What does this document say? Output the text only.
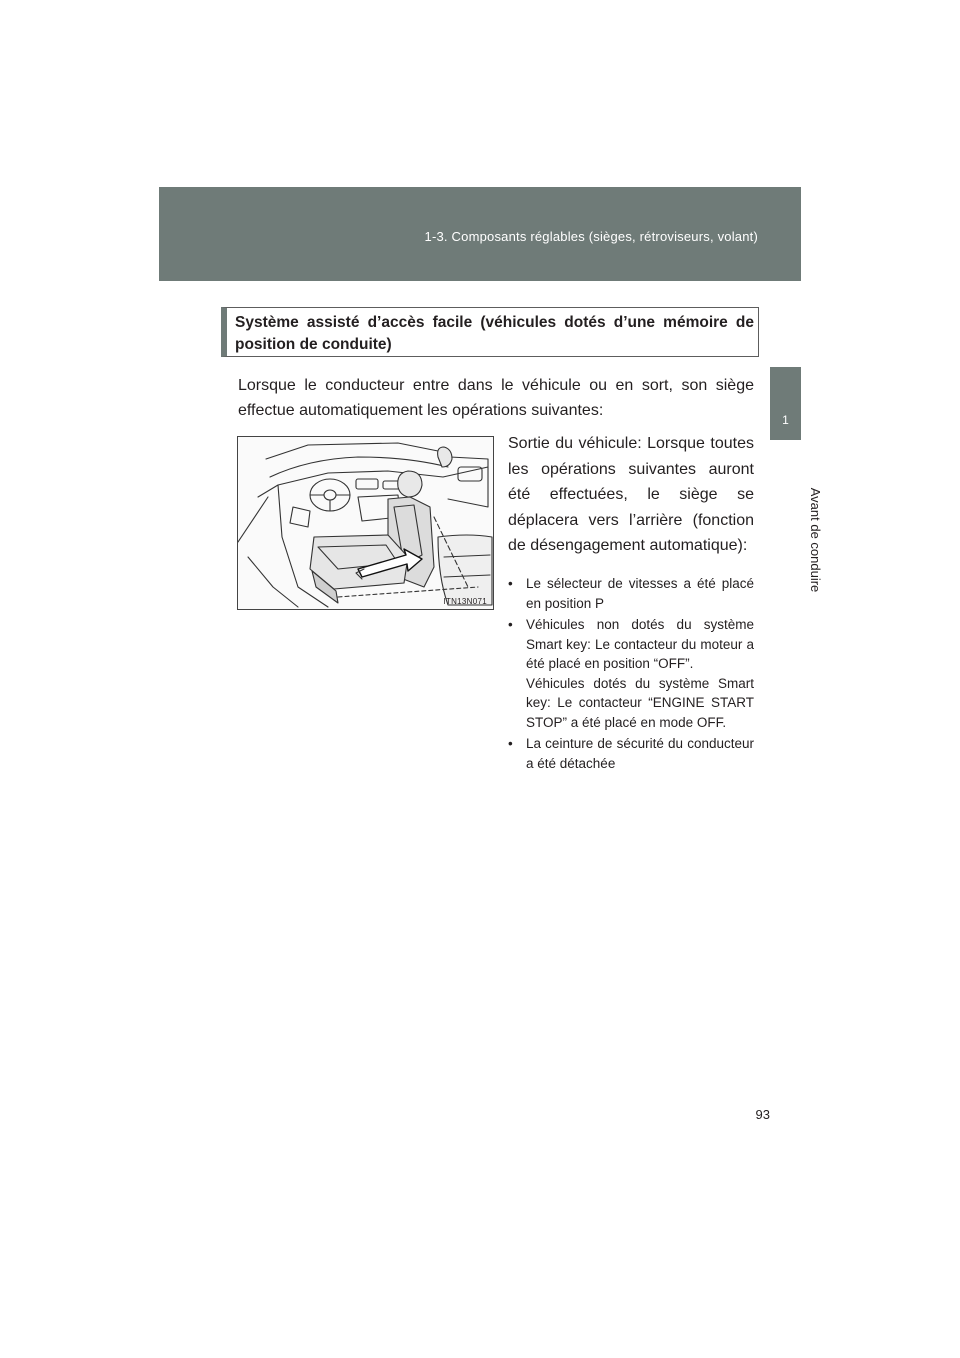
1-3. Composants réglables (sièges, rétroviseurs, volant)
1
Avant de conduire
Système assisté d’accès facile (véhicules dotés d’une mémoire de position de conduite)
Lorsque le conducteur entre dans le véhicule ou en sort, son siège effectue automatiquement les opérations suivantes:
ITN13N071
Sortie du véhicule: Lorsque toutes les opérations suivantes auront été effectuées, le siège se déplacera vers l’arrière (fonction de désengagement automatique):
• Le sélecteur de vitesses a été placé en position P
• Véhicules non dotés du système Smart key: Le contacteur du moteur a été placé en position “OFF”.
Véhicules dotés du système Smart key: Le contacteur “ENGINE START STOP” a été placé en mode OFF.
• La ceinture de sécurité du conducteur a été détachée
93
